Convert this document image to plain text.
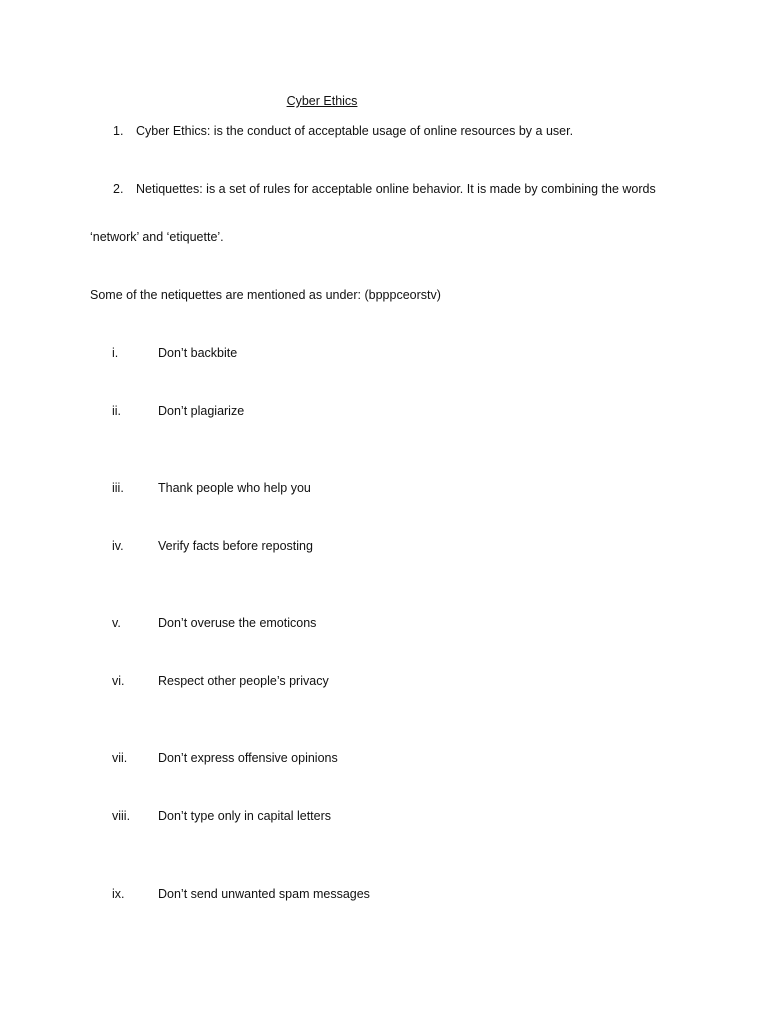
Cyber Ethics
1. Cyber Ethics: is the conduct of acceptable usage of online resources by a user.
2. Netiquettes: is a set of rules for acceptable online behavior. It is made by combining the words
‘network’ and ‘etiquette’.
Some of the netiquettes are mentioned as under: (bpppceorstv)
i.	Don’t backbite
ii.	Don’t plagiarize
iii.	Thank people who help you
iv.	Verify facts before reposting
v.	Don’t overuse the emoticons
vi.	Respect other people’s privacy
vii. Don’t express offensive opinions
viii. Don’t type only in capital letters
ix.	Don’t send unwanted spam messages
